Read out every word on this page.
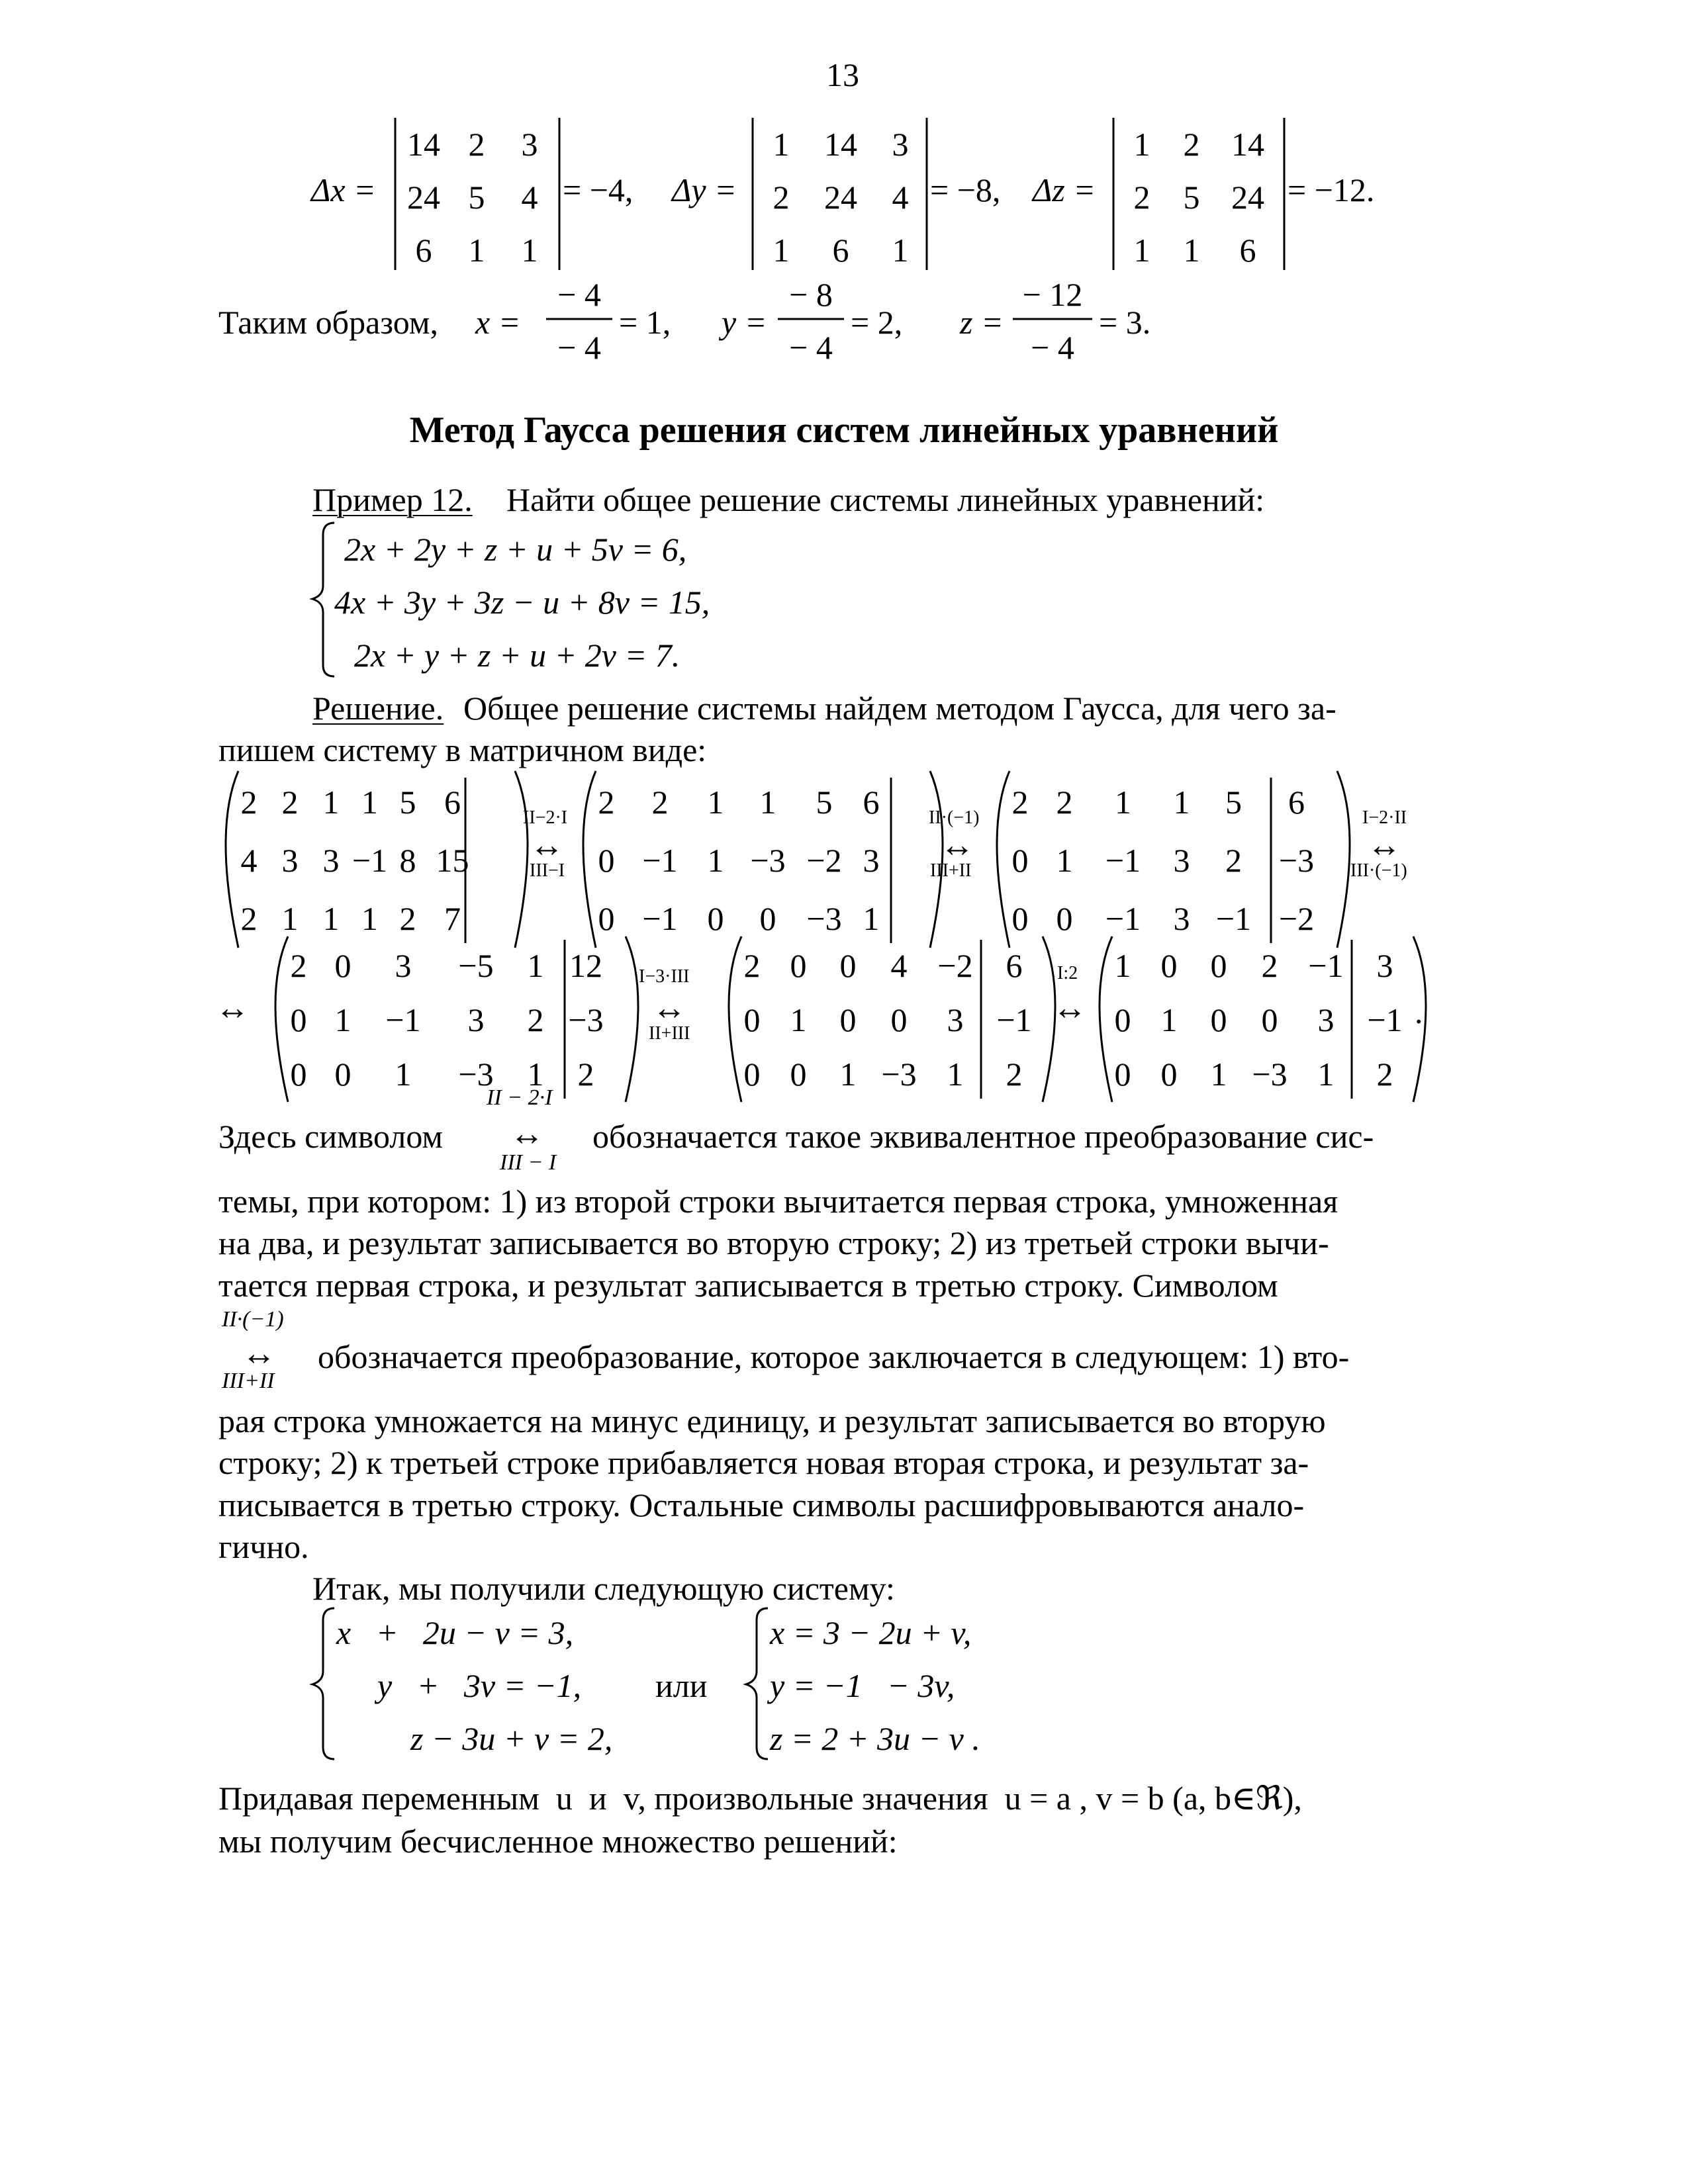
13
Δx =
14 2	3
24 5	4
6	1	1
= −4, Δy =
1	14	3
2	24	4
1	6	1
= −8, Δz =
1	2 14
2	5 24
1	1	6
= −12.
Таким образом, x =
− 4
− 4
= 1, y =
− 8
− 4
= 2, z =
− 12
− 4
= 3.
Метод Гаусса решения систем линейных уравнений
Пример 12. Найти общее решение системы линейных уравнений:
2x + 2y + z + u + 5v = 6,
4x + 3y + 3z − u + 8v = 15,
2x + y + z + u + 2v = 7.
Решение. Общее решение системы найдем методом Гаусса, для чего за-
пишем систему в матричном виде:
2 2 1 1 5 6
4 3 3 −1 8 15
2 1 1 1 2 7
2	2	1	1	5 6
0 −1 1 −3 −2 3
0 −1 0	0 −3 1
2 2	1	1	5	6
0 1 −1 3	2	−3
0 0 −1 3 −1 −2
2 0	3	−5	1 12
0 1	−1	3	2 −3
0 0	1	−3	1	2
2 0	0	4 −2 6
0 1	0	0	3 −1
0 0	1 −3 1	2
1 0	0	2 −1 3
0 1	0	0	3 −1
0 0	1 −3 1	2
II−2·I
↔
III−I
II·(−1)
↔
III+II
I−2·II
↔
III·(−1)
↔
I−3·III
↔
II+III
I:2
↔	.
Здесь символом
II − 2·I
↔
III − I
обозначается такое эквивалентное преобразование сис-
темы, при котором: 1) из второй строки вычитается первая строка, умноженная
на два, и результат записывается во вторую строку; 2) из третьей строки вычи-
тается первая строка, и результат записывается в третью строку. Символом
II·(−1)
↔
III+II
обозначается преобразование, которое заключается в следующем: 1) вто-
рая строка умножается на минус единицу, и результат записывается во вторую
строку; 2) к третьей строке прибавляется новая вторая строка, и результат за-
писывается в третью строку. Остальные символы расшифровываются анало-
гично.
Итак, мы получили следующую систему:
x   +   2u − v = 3,
y   +   3v = −1,
z − 3u + v = 2,
или
x = 3 − 2u + v,
y = −1   − 3v,
z = 2 + 3u − v .
Придавая переменным  u  и  v, произвольные значения  u = a , v = b (a, b∈ℜ),
мы получим бесчисленное множество решений:
